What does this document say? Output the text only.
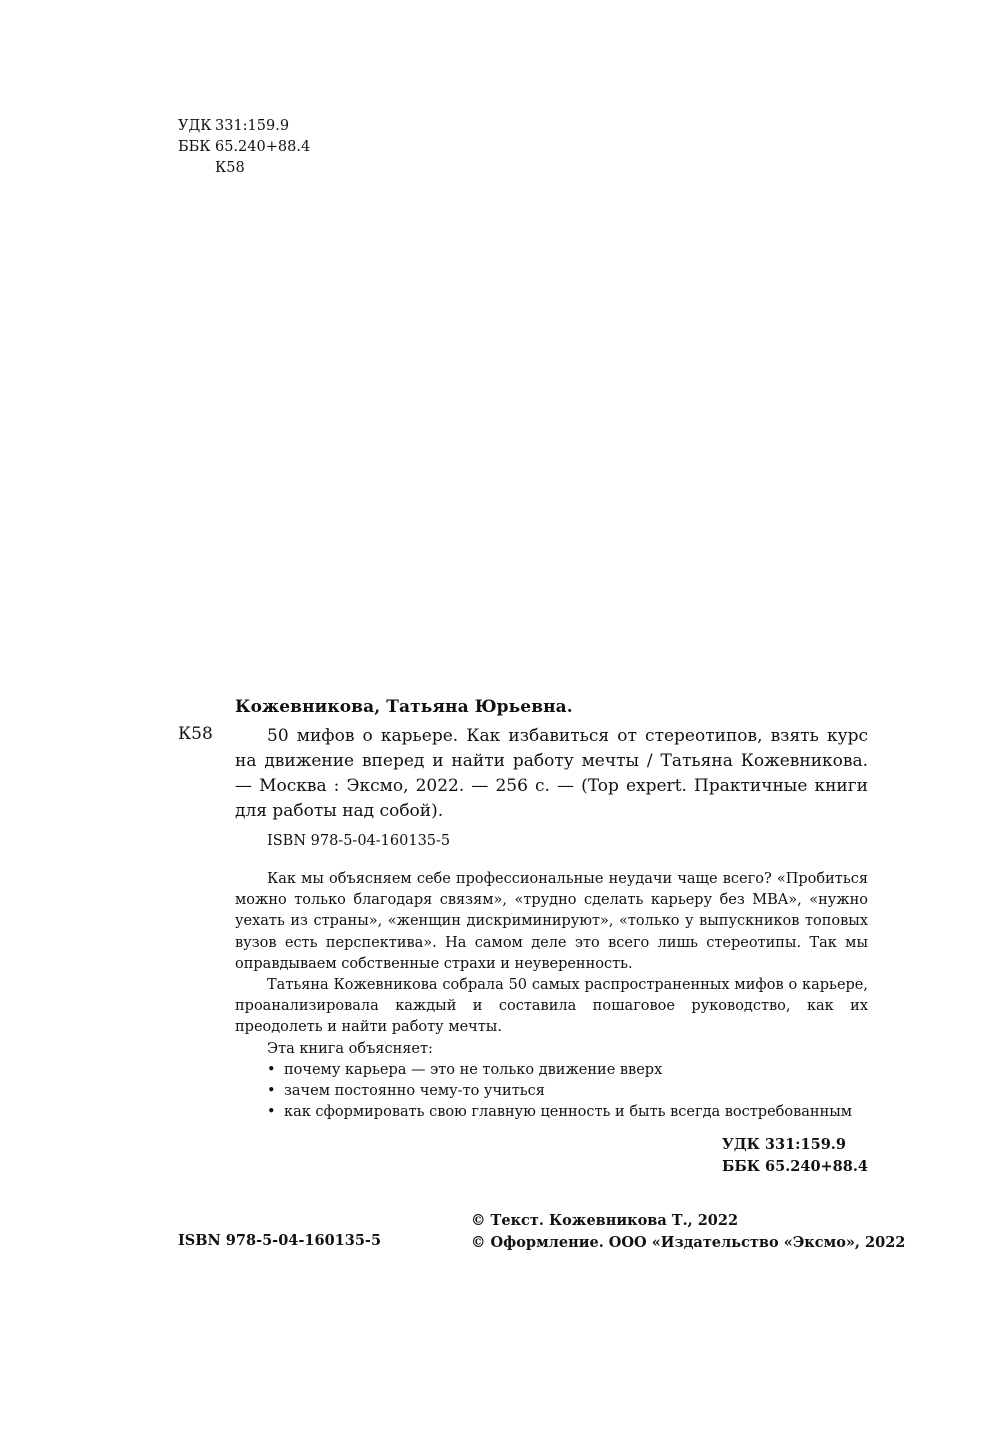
УДК 331:159.9
ББК 65.240+88.4
К58
Кожевникова, Татьяна Юрьевна.
К58	50 мифов о карьере. Как избавиться от стереотипов, взять курс на движение вперед и найти работу мечты / Татьяна Кожевникова. — Москва : Эксмо, 2022. — 256 с. — (Top expert. Практичные книги для работы над собой).
ISBN 978-5-04-160135-5

Как мы объясняем себе профессиональные неудачи чаще всего? «Пробиться можно только благодаря связям», «трудно сделать карьеру без MBA», «нужно уехать из страны», «женщин дискриминируют», «только у выпускников топовых вузов есть перспектива». На самом деле это всего лишь стереотипы. Так мы оправдываем собственные страхи и неуверенность.

Татьяна Кожевникова собрала 50 самых распространенных мифов о карьере, проанализировала каждый и составила пошаговое руководство, как их преодолеть и найти работу мечты.

Эта книга объясняет:

• почему карьера — это не только движение вверх
• зачем постоянно чему-то учиться
• как сформировать свою главную ценность и быть всегда востребованным
УДК 331:159.9
ББК 65.240+88.4
© Текст. Кожевникова Т., 2022
© Оформление. ООО «Издательство «Эксмо», 2022
ISBN 978-5-04-160135-5
